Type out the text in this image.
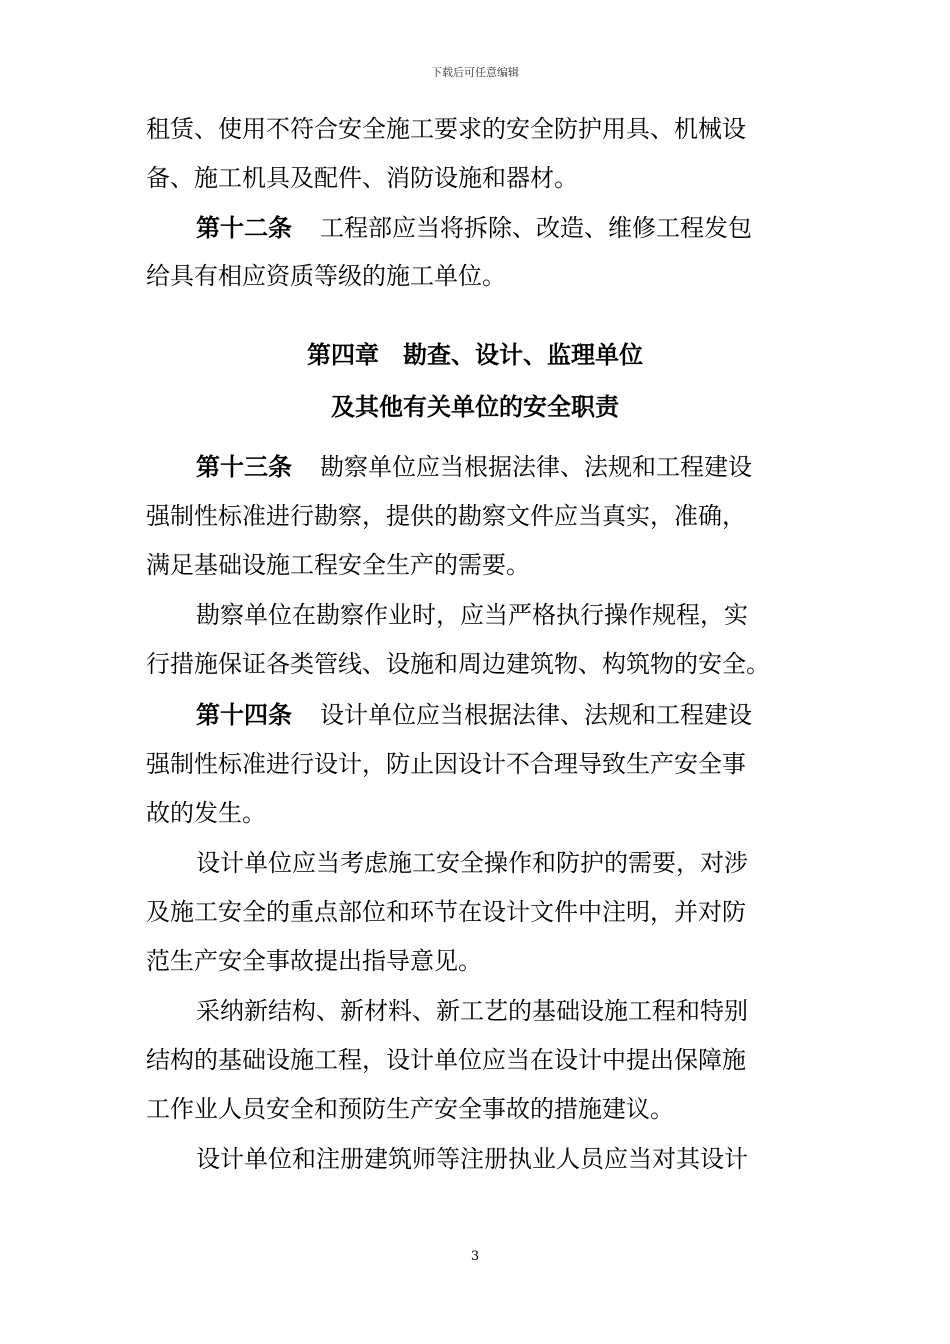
下载后可任意编辑
租赁、使用不符合安全施工要求的安全防护用具、机械设
备、施工机具及配件、消防设施和器材。
第十二条 工程部应当将拆除、改造、维修工程发包
给具有相应资质等级的施工单位。
第四章　勘查、设计、监理单位
及其他有关单位的安全职责
第十三条 勘察单位应当根据法律、法规和工程建设
强制性标准进行勘察，提供的勘察文件应当真实，准确，
满足基础设施工程安全生产的需要。
勘察单位在勘察作业时，应当严格执行操作规程，实
行措施保证各类管线、设施和周边建筑物、构筑物的安全。
第十四条 设计单位应当根据法律、法规和工程建设
强制性标准进行设计，防止因设计不合理导致生产安全事
故的发生。
设计单位应当考虑施工安全操作和防护的需要，对涉
及施工安全的重点部位和环节在设计文件中注明，并对防
范生产安全事故提出指导意见。
采纳新结构、新材料、新工艺的基础设施工程和特别
结构的基础设施工程，设计单位应当在设计中提出保障施
工作业人员安全和预防生产安全事故的措施建议。
设计单位和注册建筑师等注册执业人员应当对其设计
3
